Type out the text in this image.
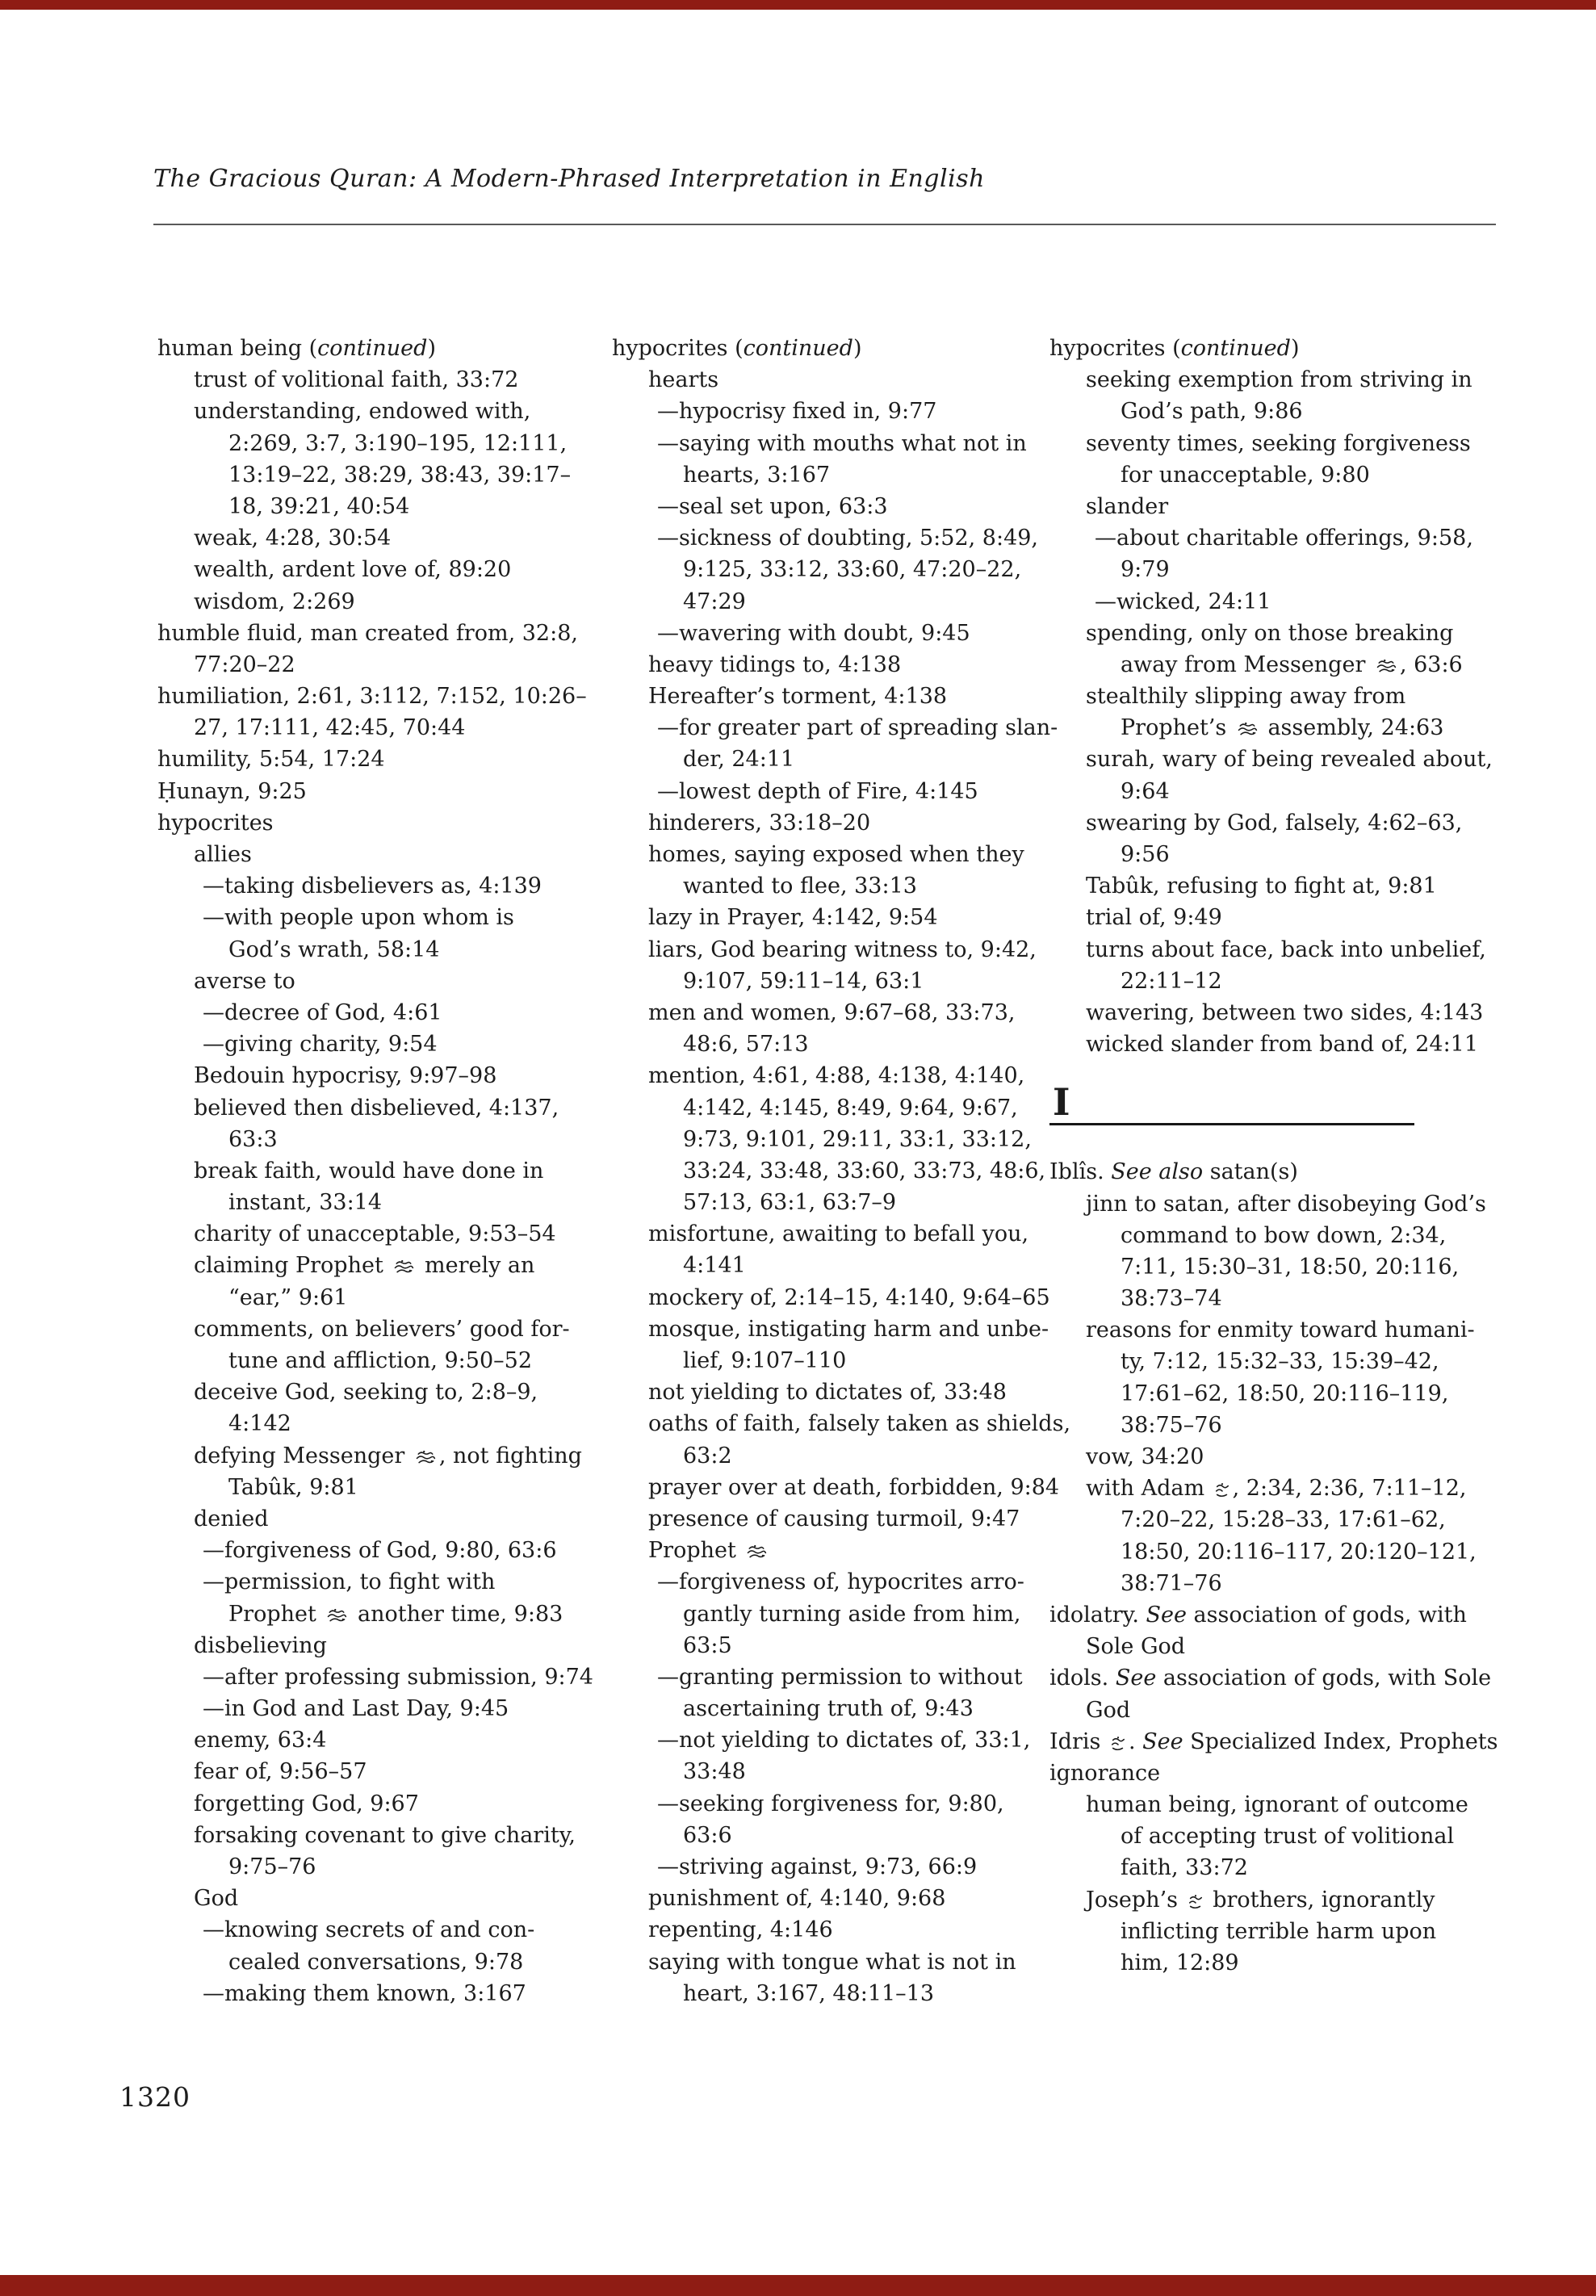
The Gracious Quran: A Modern-Phrased Interpretation in English
human being (continued)
trust of volitional faith, 33:72
understanding, endowed with,
2:269, 3:7, 3:190–195, 12:111,
13:19–22, 38:29, 38:43, 39:17–
18, 39:21, 40:54
weak, 4:28, 30:54
wealth, ardent love of, 89:20
wisdom, 2:269
humble fluid, man created from, 32:8,
77:20–22
humiliation, 2:61, 3:112, 7:152, 10:26–
27, 17:111, 42:45, 70:44
humility, 5:54, 17:24
Ḥunayn, 9:25
hypocrites
allies
—taking disbelievers as, 4:139
—with people upon whom is
God’s wrath, 58:14
averse to
—decree of God, 4:61
—giving charity, 9:54
Bedouin hypocrisy, 9:97–98
believed then disbelieved, 4:137,
63:3
break faith, would have done in
instant, 33:14
charity of unacceptable, 9:53–54
claiming Prophet  merely an
“ear,” 9:61
comments, on believers’ good for-
tune and affliction, 9:50–52
deceive God, seeking to, 2:8–9,
4:142
defying Messenger , not fighting
Tabûk, 9:81
denied
—forgiveness of God, 9:80, 63:6
—permission, to fight with
Prophet  another time, 9:83
disbelieving
—after professing submission, 9:74
—in God and Last Day, 9:45
enemy, 63:4
fear of, 9:56–57
forgetting God, 9:67
forsaking covenant to give charity,
9:75–76
God
—knowing secrets of and con-
cealed conversations, 9:78
—making them known, 3:167
hypocrites (continued)
hearts
—hypocrisy fixed in, 9:77
—saying with mouths what not in
hearts, 3:167
—seal set upon, 63:3
—sickness of doubting, 5:52, 8:49,
9:125, 33:12, 33:60, 47:20–22,
47:29
—wavering with doubt, 9:45
heavy tidings to, 4:138
Hereafter’s torment, 4:138
—for greater part of spreading slan-
der, 24:11
—lowest depth of Fire, 4:145
hinderers, 33:18–20
homes, saying exposed when they
wanted to flee, 33:13
lazy in Prayer, 4:142, 9:54
liars, God bearing witness to, 9:42,
9:107, 59:11–14, 63:1
men and women, 9:67–68, 33:73,
48:6, 57:13
mention, 4:61, 4:88, 4:138, 4:140,
4:142, 4:145, 8:49, 9:64, 9:67,
9:73, 9:101, 29:11, 33:1, 33:12,
33:24, 33:48, 33:60, 33:73, 48:6,
57:13, 63:1, 63:7–9
misfortune, awaiting to befall you,
4:141
mockery of, 2:14–15, 4:140, 9:64–65
mosque, instigating harm and unbe-
lief, 9:107–110
not yielding to dictates of, 33:48
oaths of faith, falsely taken as shields,
63:2
prayer over at death, forbidden, 9:84
presence of causing turmoil, 9:47
Prophet
—forgiveness of, hypocrites arro-
gantly turning aside from him,
63:5
—granting permission to without
ascertaining truth of, 9:43
—not yielding to dictates of, 33:1,
33:48
—seeking forgiveness for, 9:80,
63:6
—striving against, 9:73, 66:9
punishment of, 4:140, 9:68
repenting, 4:146
saying with tongue what is not in
heart, 3:167, 48:11–13
hypocrites (continued)
seeking exemption from striving in
God’s path, 9:86
seventy times, seeking forgiveness
for unacceptable, 9:80
slander
—about charitable offerings, 9:58,
9:79
—wicked, 24:11
spending, only on those breaking
away from Messenger , 63:6
stealthily slipping away from
Prophet’s  assembly, 24:63
surah, wary of being revealed about,
9:64
swearing by God, falsely, 4:62–63,
9:56
Tabûk, refusing to fight at, 9:81
trial of, 9:49
turns about face, back into unbelief,
22:11–12
wavering, between two sides, 4:143
wicked slander from band of, 24:11
I
Iblîs. See also satan(s)
jinn to satan, after disobeying God’s
command to bow down, 2:34,
7:11, 15:30–31, 18:50, 20:116,
38:73–74
reasons for enmity toward humani-
ty, 7:12, 15:32–33, 15:39–42,
17:61–62, 18:50, 20:116–119,
38:75–76
vow, 34:20
with Adam , 2:34, 2:36, 7:11–12,
7:20–22, 15:28–33, 17:61–62,
18:50, 20:116–117, 20:120–121,
38:71–76
idolatry. See association of gods, with
Sole God
idols. See association of gods, with Sole
God
Idris . See Specialized Index, Prophets
ignorance
human being, ignorant of outcome
of accepting trust of volitional
faith, 33:72
Joseph’s  brothers, ignorantly
inflicting terrible harm upon
him, 12:89
1320
